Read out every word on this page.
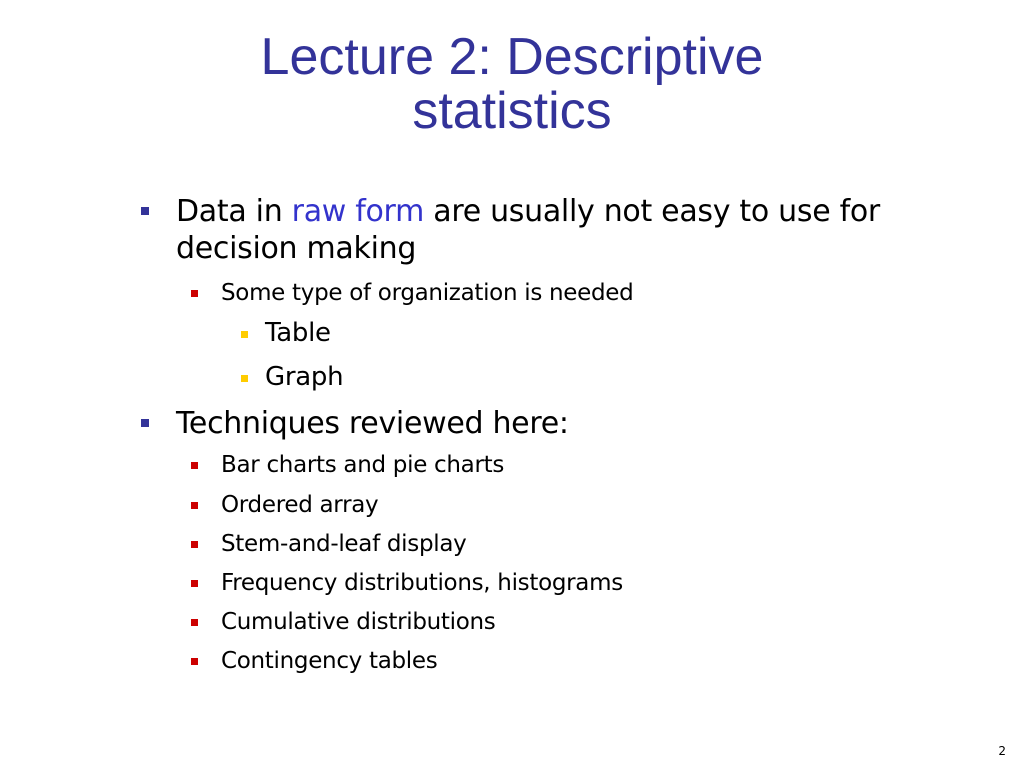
Lecture 2: Descriptive
statistics
Data in raw form are usually not easy to use for
decision making
Some type of organization is needed
Table
Graph
Techniques reviewed here:
Bar charts and pie charts
Ordered array
Stem-and-leaf display
Frequency distributions, histograms
Cumulative distributions
Contingency tables
2
